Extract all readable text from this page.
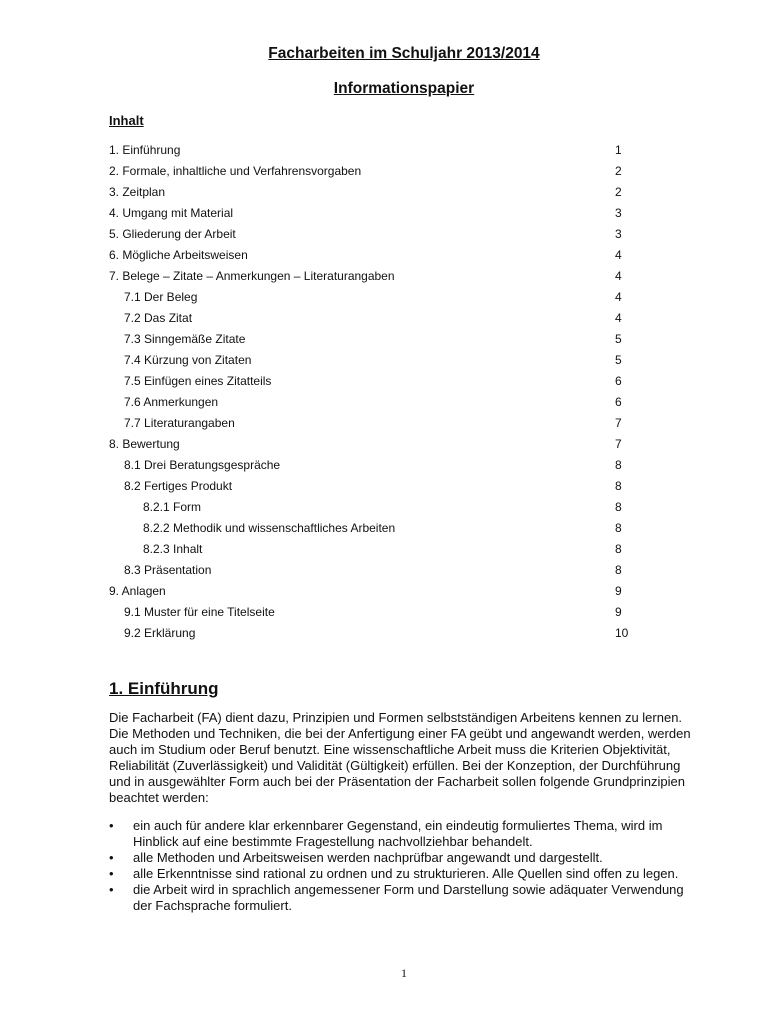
Facharbeiten im Schuljahr 2013/2014
Informationspapier
Inhalt
1. Einführung	1
2. Formale, inhaltliche und Verfahrensvorgaben	2
3. Zeitplan	2
4. Umgang mit Material	3
5. Gliederung der Arbeit	3
6. Mögliche Arbeitsweisen	4
7. Belege – Zitate – Anmerkungen – Literaturangaben	4
7.1 Der Beleg	4
7.2 Das Zitat	4
7.3 Sinngemäße Zitate	5
7.4 Kürzung von Zitaten	5
7.5 Einfügen eines Zitatteils	6
7.6 Anmerkungen	6
7.7 Literaturangaben	7
8. Bewertung	7
8.1 Drei Beratungsgespräche	8
8.2 Fertiges Produkt	8
8.2.1 Form	8
8.2.2 Methodik und wissenschaftliches Arbeiten	8
8.2.3 Inhalt	8
8.3 Präsentation	8
9. Anlagen	9
9.1 Muster für eine Titelseite	9
9.2 Erklärung	10
1. Einführung

Die Facharbeit (FA) dient dazu, Prinzipien und Formen selbstständigen Arbeitens kennen zu lernen. Die Methoden und Techniken, die bei der Anfertigung einer FA geübt und angewandt werden, werden auch im Studium oder Beruf benutzt. Eine wissenschaftliche Arbeit muss die Kriterien Objektivität, Reliabilität (Zuverlässigkeit) und Validität (Gültigkeit) erfüllen. Bei der Konzeption, der Durchführung und in ausgewählter Form auch bei der Präsentation der Facharbeit sollen folgende Grundprinzipien beachtet werden:

• ein auch für andere klar erkennbarer Gegenstand, ein eindeutig formuliertes Thema, wird im Hinblick auf eine bestimmte Fragestellung nachvollziehbar behandelt.
• alle Methoden und Arbeitsweisen werden nachprüfbar angewandt und dargestellt.
• alle Erkenntnisse sind rational zu ordnen und zu strukturieren. Alle Quellen sind offen zu legen.
• die Arbeit wird in sprachlich angemessener Form und Darstellung sowie adäquater Verwendung der Fachsprache formuliert.
1
